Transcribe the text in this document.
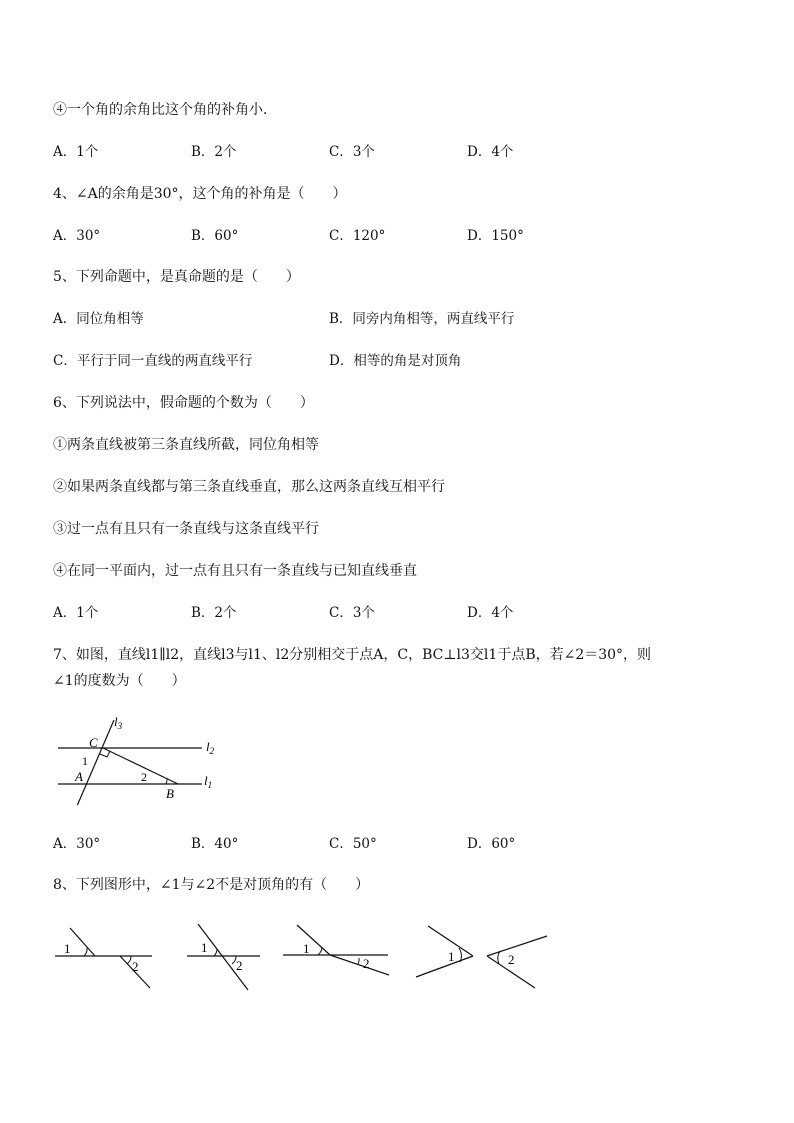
④一个角的余角比这个角的补角小．
A．1个	B．2个	C．3个	D．4个
4、∠A的余角是30°，这个角的补角是（　　）
A．30°	B．60°	C．120°	D．150°
5、下列命题中，是真命题的是（　　）
A．同位角相等	B．同旁内角相等，两直线平行
C．平行于同一直线的两直线平行	D．相等的角是对顶角
6、下列说法中，假命题的个数为（　　）
①两条直线被第三条直线所截，同位角相等
②如果两条直线都与第三条直线垂直，那么这两条直线互相平行
③过一点有且只有一条直线与这条直线平行
④在同一平面内，过一点有且只有一条直线与已知直线垂直
A．1个	B．2个	C．3个	D．4个
7、如图，直线l1∥l2，直线l3与l1、l2分别相交于点A，C，BC⊥l3交l1于点B，若∠2＝30°，则
∠1的度数为（　　）
$l_3$
$l_2$
$l_1$
C
1
A	2
B
A．30°	B．40°	C．50°	D．60°
8、下列图形中，∠1与∠2不是对顶角的有（　　）
1
2
1
2
1
2	1	2
